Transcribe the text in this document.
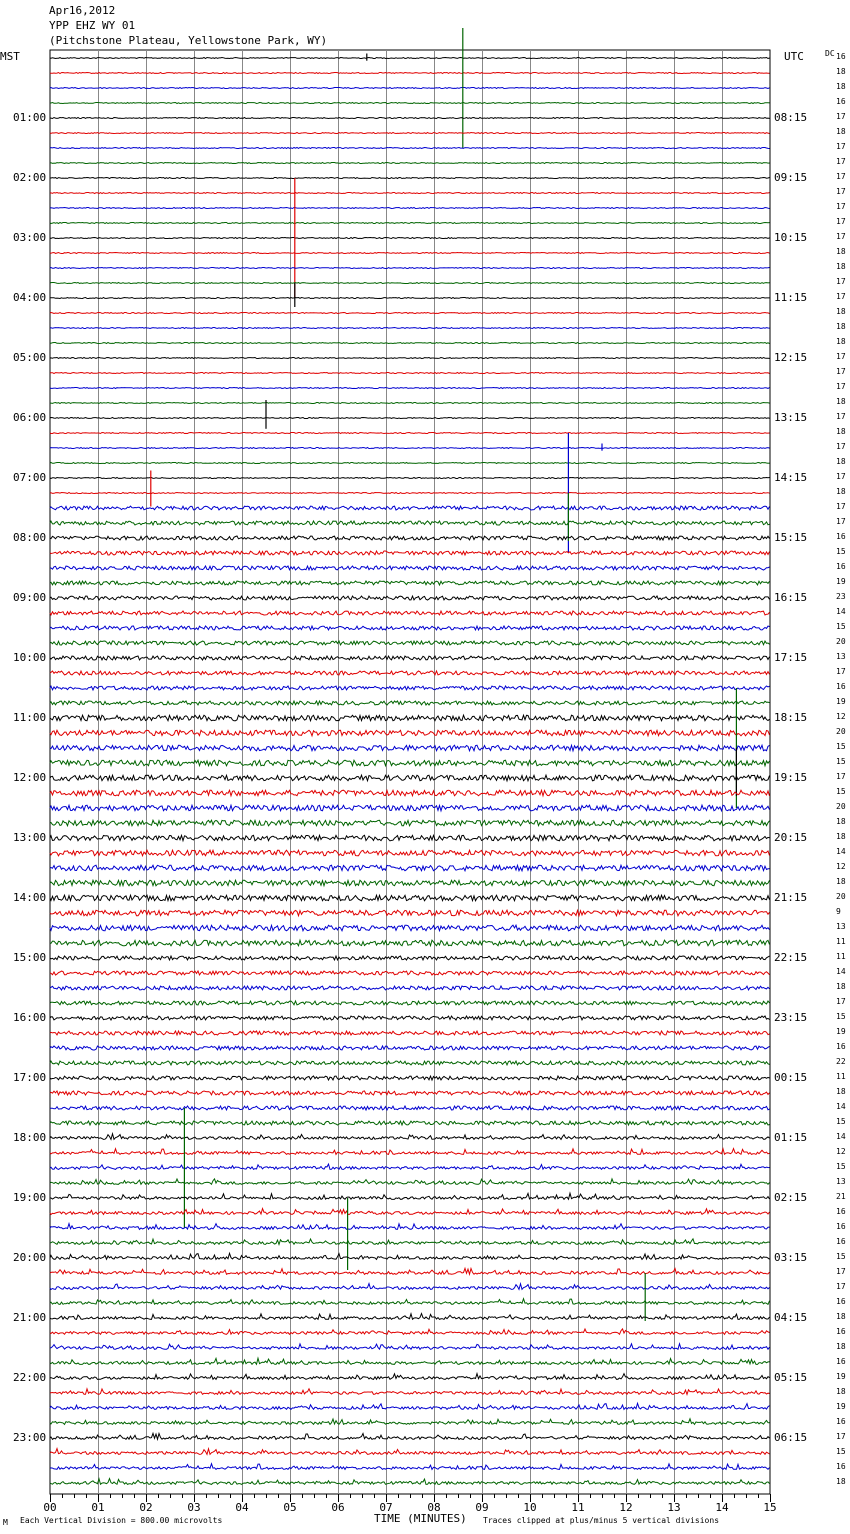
Apr16,2012
YPP EHZ WY 01
(Pitchstone Plateau, Yellowstone Park, WY)
MST	UTC	DC
00	01	02	03	04	05	06	07	08	09	10	11	12	13	14	15
16
18
18
16
17
18
17
17
17
17
17
17
17
18
18
17
17
18
18
18
17
17
17
18
17
18
17
18
17
18
17
17
16
15
16
19
23
14
15
20
13
17
16
19
12
20
15
15
17
15
20
18
18
14
12
18
20
9
13
11
11
14
18
17
15
19
16
22
11
18
14
15
14
12
15
13
21
16
16
16
15
17
17
16
18
16
18
16
19
18
19
16
17
15
16
18
01:00	08:15
02:00	09:15
03:00	10:15
04:00	11:15
05:00	12:15
06:00	13:15
07:00	14:15
08:00	15:15
09:00	16:15
10:00	17:15
11:00	18:15
12:00	19:15
13:00	20:15
14:00	21:15
15:00	22:15
16:00	23:15
17:00	00:15
18:00	01:15
19:00	02:15
20:00	03:15
21:00	04:15
22:00	05:15
23:00	06:15
M Each Vertical Division = 800.00 microvolts	TIME (MINUTES) Traces clipped at plus/minus 5 vertical divisions
